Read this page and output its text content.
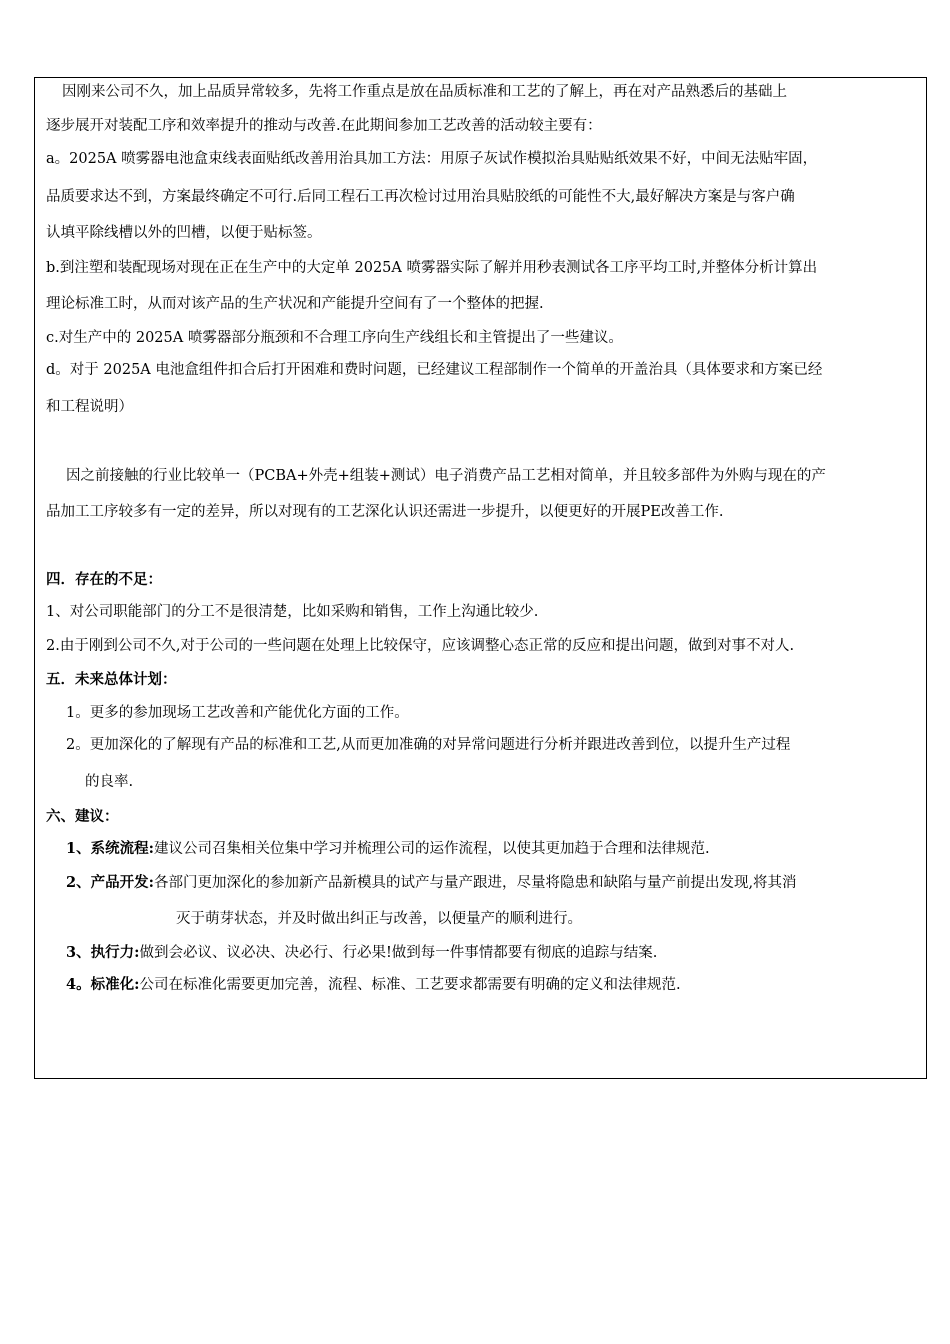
因刚来公司不久，加上品质异常较多，先将工作重点是放在品质标准和工艺的了解上，再在对产品熟悉后的基础上
逐步展开对装配工序和效率提升的推动与改善.在此期间参加工艺改善的活动较主要有：
a。2025A 喷雾器电池盒束线表面贴纸改善用治具加工方法：用原子灰试作模拟治具贴贴纸效果不好，中间无法贴牢固，
品质要求达不到，方案最终确定不可行.后同工程石工再次检讨过用治具贴胶纸的可能性不大,最好解决方案是与客户确
认填平除线槽以外的凹槽，以便于贴标签。
b.到注塑和装配现场对现在正在生产中的大定单 2025A 喷雾器实际了解并用秒表测试各工序平均工时,并整体分析计算出
理论标准工时，从而对该产品的生产状况和产能提升空间有了一个整体的把握.
c.对生产中的 2025A 喷雾器部分瓶颈和不合理工序向生产线组长和主管提出了一些建议。
d。对于 2025A 电池盒组件扣合后打开困难和费时问题，已经建议工程部制作一个简单的开盖治具（具体要求和方案已经
和工程说明）
因之前接触的行业比较单一（PCBA+外壳+组装+测试）电子消费产品工艺相对简单，并且较多部件为外购与现在的产
品加工工序较多有一定的差异，所以对现有的工艺深化认识还需进一步提升，以便更好的开展PE改善工作.
四．存在的不足：
1、对公司职能部门的分工不是很清楚，比如采购和销售，工作上沟通比较少.
2.由于刚到公司不久,对于公司的一些问题在处理上比较保守，应该调整心态正常的反应和提出问题，做到对事不对人.
五．未来总体计划：
1。更多的参加现场工艺改善和产能优化方面的工作。
2。更加深化的了解现有产品的标准和工艺,从而更加准确的对异常问题进行分析并跟进改善到位，以提升生产过程
的良率.
六、建议：
1、系统流程:建议公司召集相关位集中学习并梳理公司的运作流程，以使其更加趋于合理和法律规范.
2、产品开发:各部门更加深化的参加新产品新模具的试产与量产跟进，尽量将隐患和缺陷与量产前提出发现,将其消
灭于萌芽状态，并及时做出纠正与改善，以便量产的顺利进行。
3、执行力:做到会必议、议必决、决必行、行必果!做到每一件事情都要有彻底的追踪与结案.
4。标准化:公司在标准化需要更加完善，流程、标准、工艺要求都需要有明确的定义和法律规范.
